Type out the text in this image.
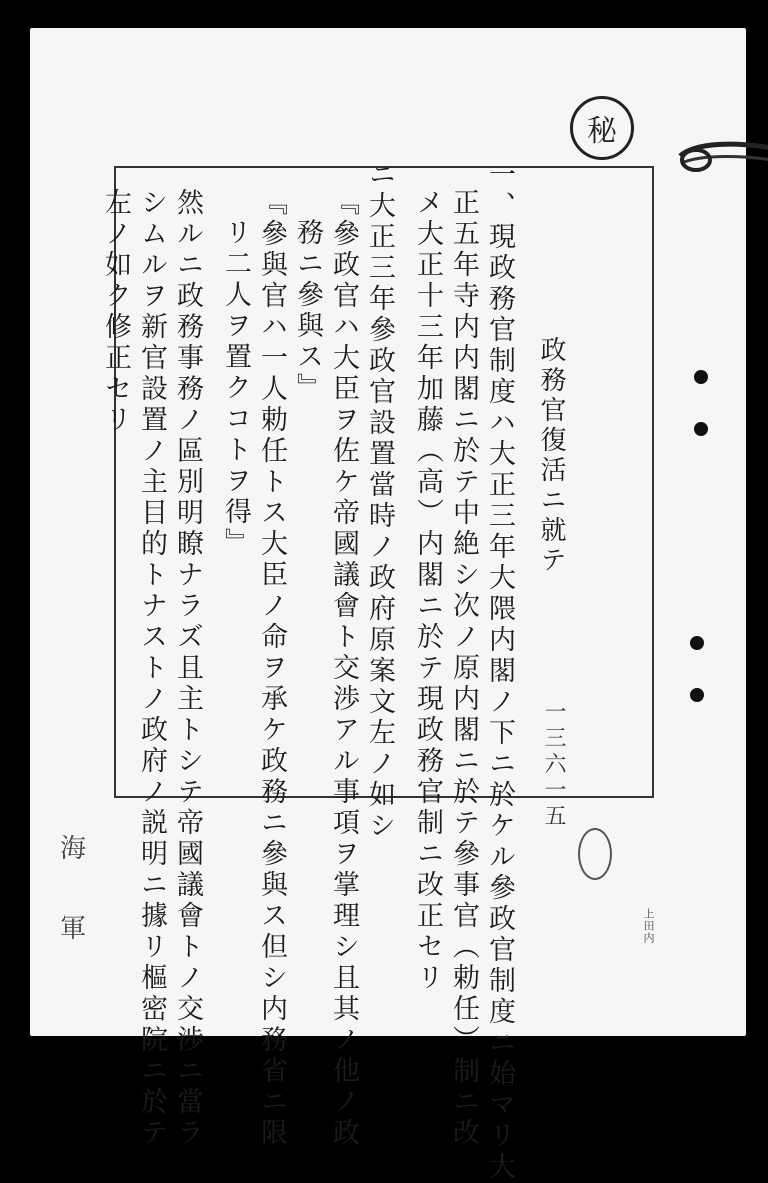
秘
政務官復活ニ就テ
一、現政務官制度ハ大正三年大隈内閣ノ下ニ於ケル參政官制度ニ始マリ大
正五年寺内内閣ニ於テ中絶シ次ノ原内閣ニ於テ參事官（勅任）制ニ改
メ大正十三年加藤（高）内閣ニ於テ現政務官制ニ改正セリ
ニ大正三年參政官設置當時ノ政府原案文左ノ如シ
『參政官ハ大臣ヲ佐ケ帝國議會ト交渉アル事項ヲ掌理シ且其ノ他ノ政
務ニ參與ス』
『參與官ハ一人勅任トス大臣ノ命ヲ承ケ政務ニ參與ス但シ内務省ニ限
リ二人ヲ置クコトヲ得』
然ルニ政務事務ノ區別明瞭ナラズ且主トシテ帝國議會トノ交渉ニ當ラ
シムルヲ新官設置ノ主目的トナストノ政府ノ説明ニ據リ樞密院ニ於テ
左ノ如ク修正セリ
一三六一五
海
軍	上田内
